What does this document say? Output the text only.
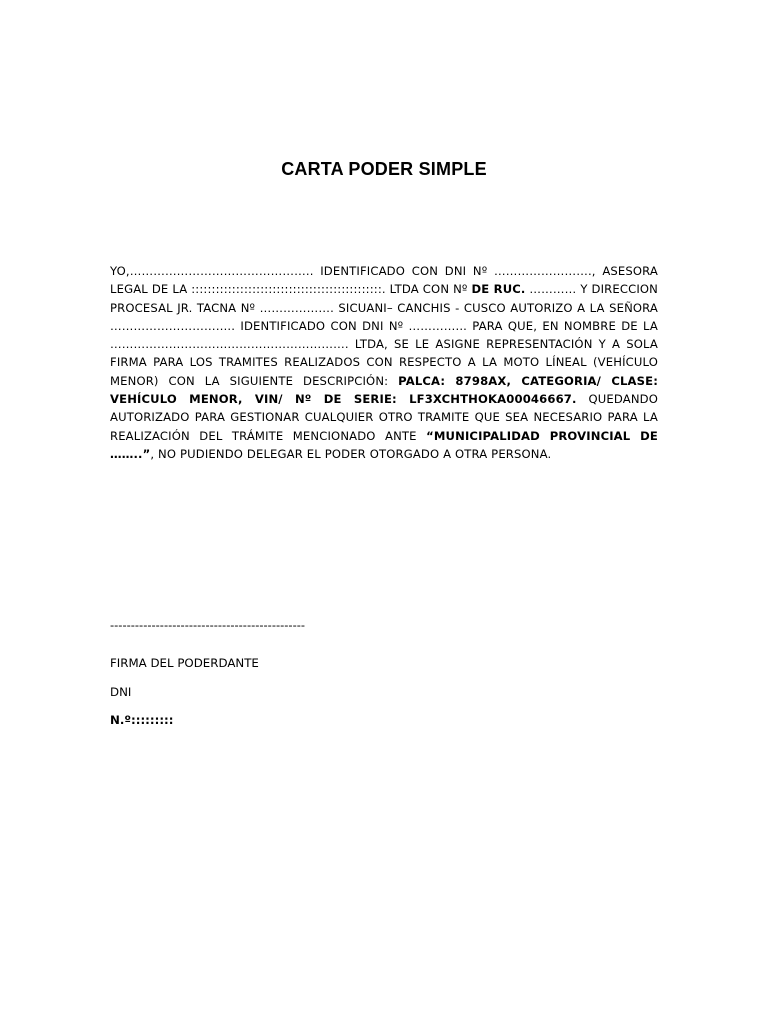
CARTA PODER SIMPLE

YO,……………………………………….. IDENTIFICADO CON DNI Nº ……………………., ASESORA LEGAL DE LA :::::::::::::::::::::::::::::::::::::::::::::::. LTDA CON Nº DE RUC. ………… Y DIRECCION PROCESAL JR. TACNA Nº ………………. SICUANI– CANCHIS - CUSCO AUTORIZO A LA SEÑORA ………………………….. IDENTIFICADO CON DNI Nº …………... PARA QUE, EN NOMBRE DE LA ……………………………………………………. LTDA, SE LE ASIGNE REPRESENTACIÓN Y A SOLA FIRMA PARA LOS TRAMITES REALIZADOS CON RESPECTO A LA MOTO LÍNEAL (VEHÍCULO MENOR) CON LA SIGUIENTE DESCRIPCIÓN: PALCA: 8798AX, CATEGORIA/ CLASE: VEHÍCULO MENOR, VIN/ Nº DE SERIE: LF3XCHTHOKA00046667. QUEDANDO AUTORIZADO PARA GESTIONAR CUALQUIER OTRO TRAMITE QUE SEA NECESARIO PARA LA REALIZACIÓN DEL TRÁMITE MENCIONADO ANTE “MUNICIPALIDAD PROVINCIAL DE ……..”, NO PUDIENDO DELEGAR EL PODER OTORGADO A OTRA PERSONA.

-----------------------------------------------
FIRMA DEL PODERDANTE
DNI
N.º:::::::::
